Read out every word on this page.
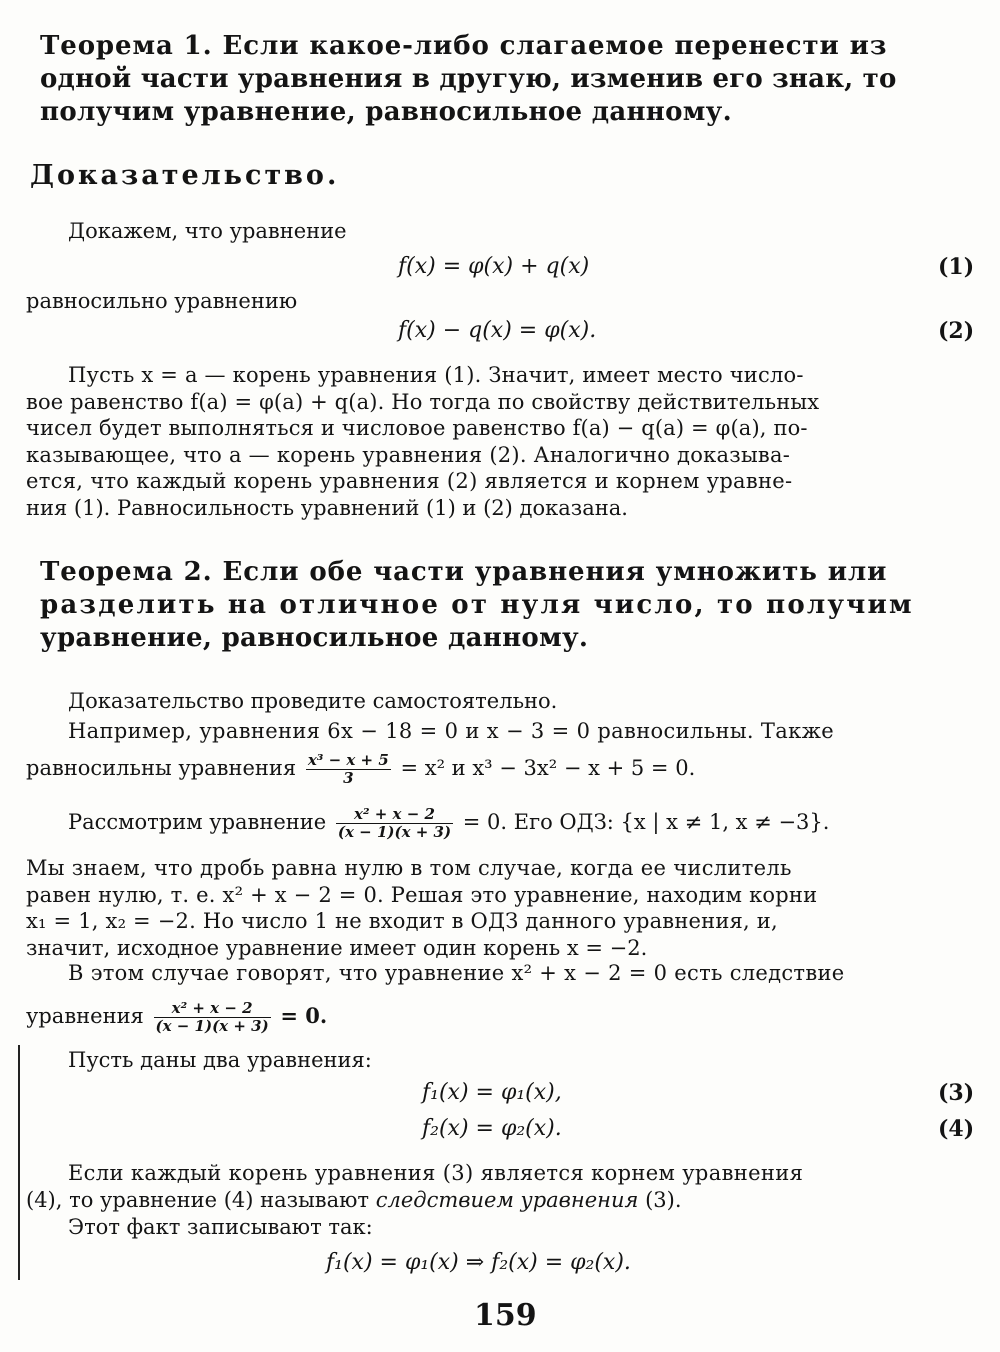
Теорема 1. Если какое-либо слагаемое перенести из
одной части уравнения в другую, изменив его знак, то
получим уравнение, равносильное данному.
Доказательство.
Докажем, что уравнение
f(x) = φ(x) + q(x)	(1)
равносильно уравнению
f(x) − q(x) = φ(x).	(2)
Пусть x = a — корень уравнения (1). Значит, имеет место число-
вое равенство f(a) = φ(a) + q(a). Но тогда по свойству действительных
чисел будет выполняться и числовое равенство f(a) − q(a) = φ(a), по-
казывающее, что a — корень уравнения (2). Аналогично доказыва-
ется, что каждый корень уравнения (2) является и корнем уравне-
ния (1). Равносильность уравнений (1) и (2) доказана.
Теорема 2. Если обе части уравнения умножить или
разделить на отличное от нуля число, то получим
уравнение, равносильное данному.
Доказательство проведите самостоятельно.
Например, уравнения 6x − 18 = 0 и x − 3 = 0 равносильны. Также
равносильны уравнения $\frac{\text{x³ − x + 5}}{3} = x^2$ и x³ − 3x² − x + 5 = 0.
Рассмотрим уравнение $\frac{\text{x² + x − 2}}{(x - 1)(x + 3)} = 0$. Его ОДЗ: {x | x ≠ 1, x ≠ −3}.
Мы знаем, что дробь равна нулю в том случае, когда ее числитель
равен нулю, т. е. x² + x − 2 = 0. Решая это уравнение, находим корни
x₁ = 1, x₂ = −2. Но число 1 не входит в ОДЗ данного уравнения, и,
значит, исходное уравнение имеет один корень x = −2.
В этом случае говорят, что уравнение x² + x − 2 = 0 есть следствие
уравнения $\frac{\text{x² + x − 2}}{(x - 1)(x + 3)} = 0$.
Пусть даны два уравнения:
f₁(x) = φ₁(x),	(3)
f₂(x) = φ₂(x).	(4)
Если каждый корень уравнения (3) является корнем уравнения
(4), то уравнение (4) называют следствием уравнения (3).
Этот факт записывают так:
f₁(x) = φ₁(x) ⇒ f₂(x) = φ₂(x).
159
